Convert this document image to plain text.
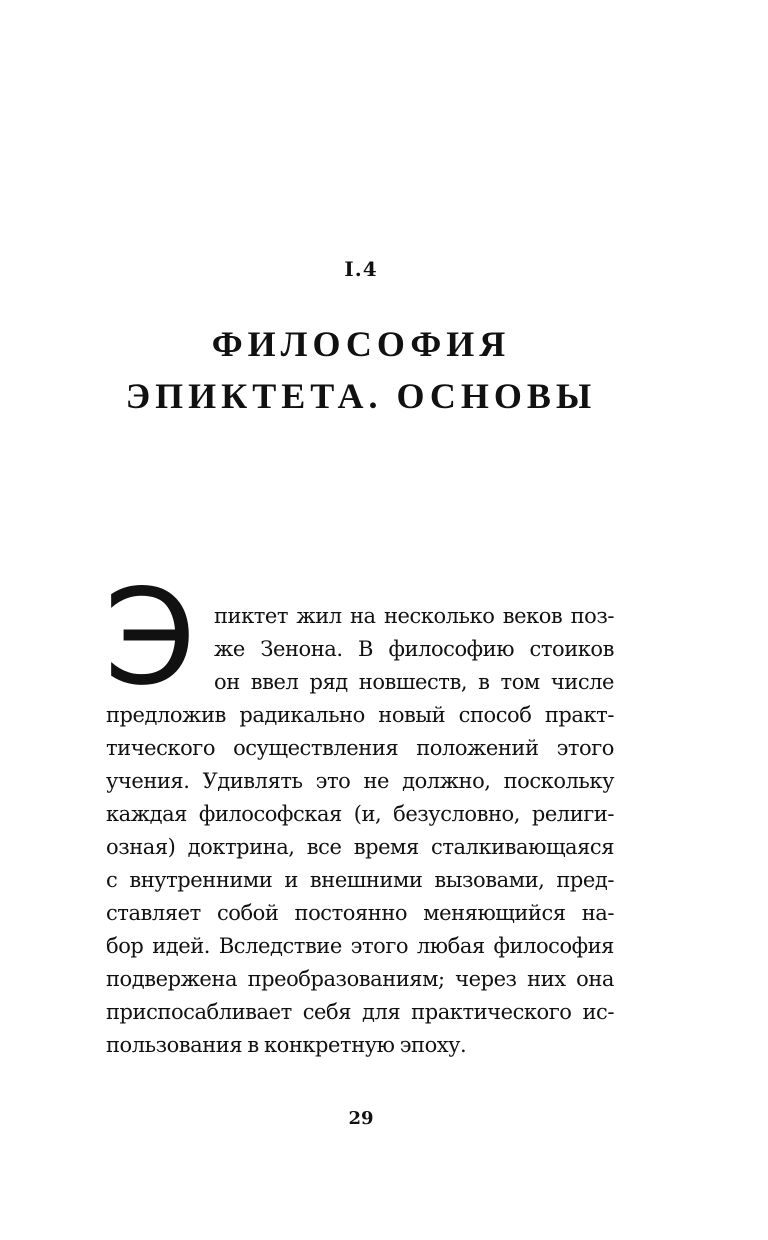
I.4
ФИЛОСОФИЯ
ЭПИКТЕТА. ОСНОВЫ
Э пиктет жил на несколько веков поз-
же Зенона. В философию стоиков
он ввел ряд новшеств, в том числе
предложив радикально новый способ практ-
тического осуществления положений этого
учения. Удивлять это не должно, поскольку
каждая философская (и, безусловно, религи-
озная) доктрина, все время сталкивающаяся
с внутренними и внешними вызовами, пред-
ставляет собой постоянно меняющийся на-
бор идей. Вследствие этого любая философия
подвержена преобразованиям; через них она
приспосабливает себя для практического ис-
пользования в конкретную эпоху.
29
